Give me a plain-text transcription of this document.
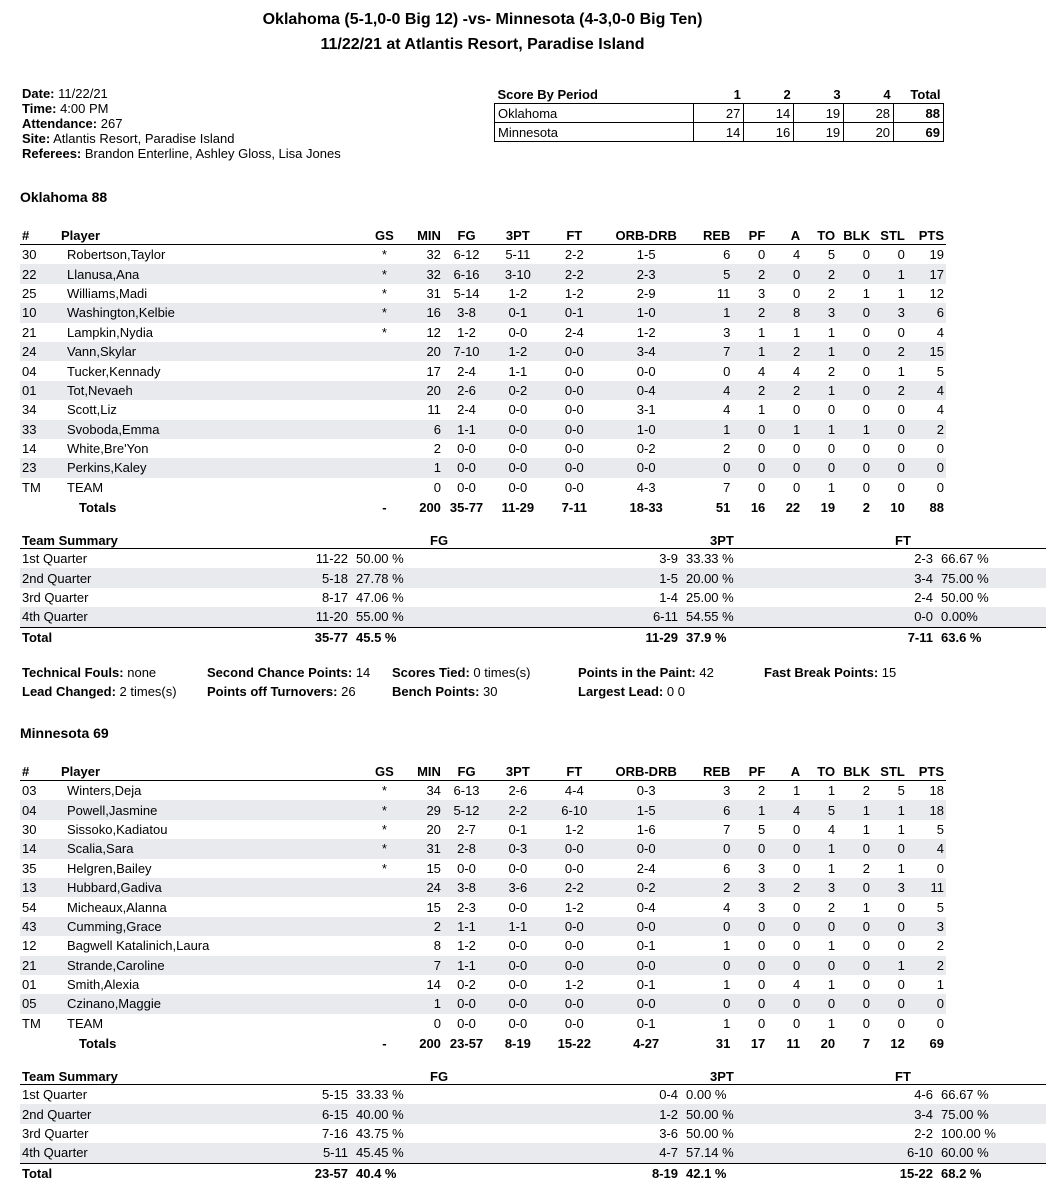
Oklahoma (5-1,0-0 Big 12) -vs- Minnesota (4-3,0-0 Big Ten)
11/22/21 at Atlantis Resort, Paradise Island
Date: 11/22/21
Time: 4:00 PM
Attendance: 267
Site: Atlantis Resort, Paradise Island
Referees: Brandon Enterline, Ashley Gloss, Lisa Jones
Score By Period	1	2	3	4	Total
Oklahoma	27	14	19	28	88
Minnesota	14	16	19	20	69
Oklahoma 88
#	Player	GS	MIN	FG	3PT	FT	ORB-DRB	REB	PF	A	TO	BLK	STL	PTS
30	Robertson,Taylor	*	32	6-12	5-11	2-2	1-5	6	0	4	5	0	0	19
22	Llanusa,Ana	*	32	6-16	3-10	2-2	2-3	5	2	0	2	0	1	17
25	Williams,Madi	*	31	5-14	1-2	1-2	2-9	11	3	0	2	1	1	12
10	Washington,Kelbie	*	16	3-8	0-1	0-1	1-0	1	2	8	3	0	3	6
21	Lampkin,Nydia	*	12	1-2	0-0	2-4	1-2	3	1	1	1	0	0	4
24	Vann,Skylar		20	7-10	1-2	0-0	3-4	7	1	2	1	0	2	15
04	Tucker,Kennady		17	2-4	1-1	0-0	0-0	0	4	4	2	0	1	5
01	Tot,Nevaeh		20	2-6	0-2	0-0	0-4	4	2	2	1	0	2	4
34	Scott,Liz		11	2-4	0-0	0-0	3-1	4	1	0	0	0	0	4
33	Svoboda,Emma		6	1-1	0-0	0-0	1-0	1	0	1	1	1	0	2
14	White,Bre'Yon		2	0-0	0-0	0-0	0-2	2	0	0	0	0	0	0
23	Perkins,Kaley		1	0-0	0-0	0-0	0-0	0	0	0	0	0	0	0
TM	TEAM		0	0-0	0-0	0-0	4-3	7	0	0	1	0	0	0
	Totals	-	200	35-77	11-29	7-11	18-33	51	16	22	19	2	10	88
Team Summary	FG		3PT		FT	
1st Quarter	11-22	50.00 %	3-9	33.33 %	2-3	66.67 %
2nd Quarter	5-18	27.78 %	1-5	20.00 %	3-4	75.00 %
3rd Quarter	8-17	47.06 %	1-4	25.00 %	2-4	50.00 %
4th Quarter	11-20	55.00 %	6-11	54.55 %	0-0	0.00%
Total	35-77	45.5 %	11-29	37.9 %	7-11	63.6 %
Technical Fouls: none	Second Chance Points: 14 Scores Tied: 0 times(s)	Points in the Paint: 42	Fast Break Points: 15
Lead Changed: 2 times(s) Points off Turnovers: 26	Bench Points: 30	Largest Lead: 0 0
Minnesota 69
#	Player	GS	MIN	FG	3PT	FT	ORB-DRB	REB	PF	A	TO	BLK	STL	PTS
03	Winters,Deja	*	34	6-13	2-6	4-4	0-3	3	2	1	1	2	5	18
04	Powell,Jasmine	*	29	5-12	2-2	6-10	1-5	6	1	4	5	1	1	18
30	Sissoko,Kadiatou	*	20	2-7	0-1	1-2	1-6	7	5	0	4	1	1	5
14	Scalia,Sara	*	31	2-8	0-3	0-0	0-0	0	0	0	1	0	0	4
35	Helgren,Bailey	*	15	0-0	0-0	0-0	2-4	6	3	0	1	2	1	0
13	Hubbard,Gadiva		24	3-8	3-6	2-2	0-2	2	3	2	3	0	3	11
54	Micheaux,Alanna		15	2-3	0-0	1-2	0-4	4	3	0	2	1	0	5
43	Cumming,Grace		2	1-1	1-1	0-0	0-0	0	0	0	0	0	0	3
12	Bagwell Katalinich,Laura		8	1-2	0-0	0-0	0-1	1	0	0	1	0	0	2
21	Strande,Caroline		7	1-1	0-0	0-0	0-0	0	0	0	0	0	1	2
01	Smith,Alexia		14	0-2	0-0	1-2	0-1	1	0	4	1	0	0	1
05	Czinano,Maggie		1	0-0	0-0	0-0	0-0	0	0	0	0	0	0	0
TM	TEAM		0	0-0	0-0	0-0	0-1	1	0	0	1	0	0	0
	Totals	-	200	23-57	8-19	15-22	4-27	31	17	11	20	7	12	69
Team Summary	FG		3PT		FT	
1st Quarter	5-15	33.33 %	0-4	0.00 %	4-6	66.67 %
2nd Quarter	6-15	40.00 %	1-2	50.00 %	3-4	75.00 %
3rd Quarter	7-16	43.75 %	3-6	50.00 %	2-2	100.00 %
4th Quarter	5-11	45.45 %	4-7	57.14 %	6-10	60.00 %
Total	23-57	40.4 %	8-19	42.1 %	15-22	68.2 %
